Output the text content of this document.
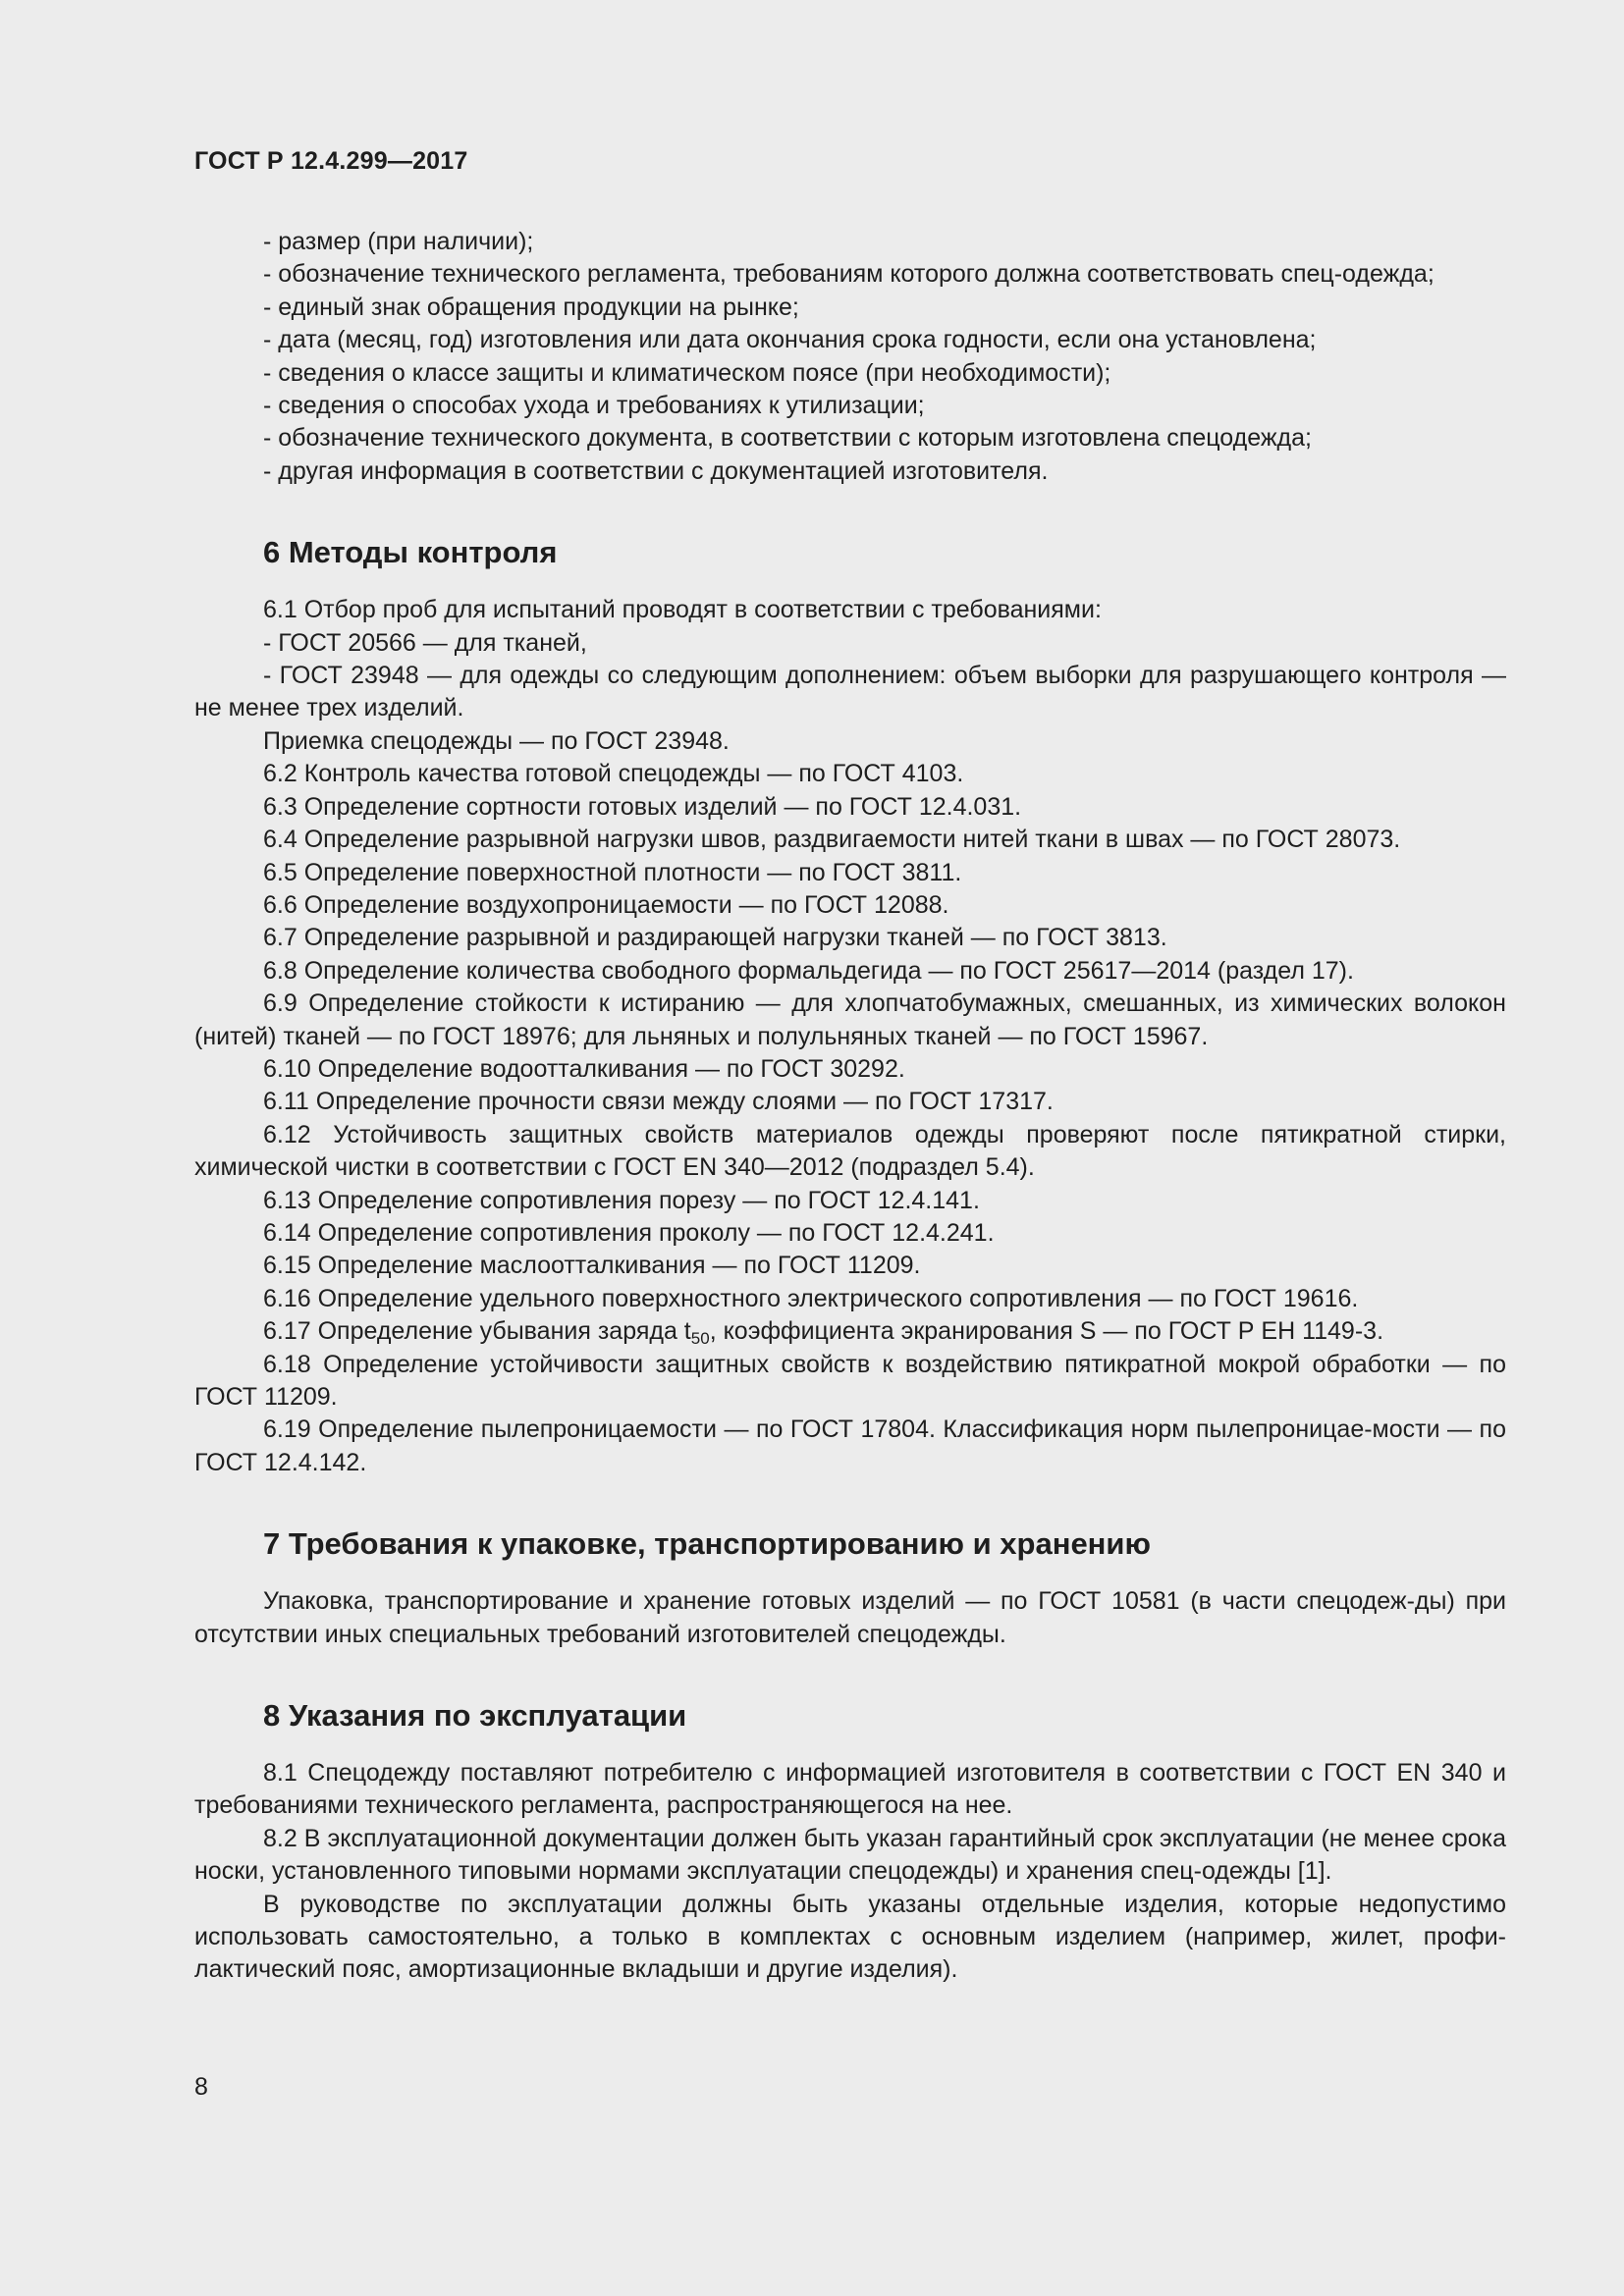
ГОСТ Р 12.4.299—2017

- размер (при наличии);

- обозначение технического регламента, требованиям которого должна соответствовать спец-одежда;

- единый знак обращения продукции на рынке;

- дата (месяц, год) изготовления или дата окончания срока годности, если она установлена;

- сведения о классе защиты и климатическом поясе (при необходимости);

- сведения о способах ухода и требованиях к утилизации;

- обозначение технического документа, в соответствии с которым изготовлена спецодежда;

- другая информация в соответствии с документацией изготовителя.

6 Методы контроля

6.1 Отбор проб для испытаний проводят в соответствии с требованиями:

- ГОСТ 20566 — для тканей,

- ГОСТ 23948 — для одежды со следующим дополнением: объем выборки для разрушающего контроля — не менее трех изделий.

Приемка спецодежды — по ГОСТ 23948.

6.2 Контроль качества готовой спецодежды — по ГОСТ 4103.

6.3 Определение сортности готовых изделий — по ГОСТ 12.4.031.

6.4 Определение разрывной нагрузки швов, раздвигаемости нитей ткани в швах — по ГОСТ 28073.

6.5 Определение поверхностной плотности — по ГОСТ 3811.

6.6 Определение воздухопроницаемости — по ГОСТ 12088.

6.7 Определение разрывной и раздирающей нагрузки тканей — по ГОСТ 3813.

6.8 Определение количества свободного формальдегида — по ГОСТ 25617—2014 (раздел 17).

6.9 Определение стойкости к истиранию — для хлопчатобумажных, смешанных, из химических волокон (нитей) тканей — по ГОСТ 18976; для льняных и полульняных тканей — по ГОСТ 15967.

6.10 Определение водоотталкивания — по ГОСТ 30292.

6.11 Определение прочности связи между слоями — по ГОСТ 17317.

6.12 Устойчивость защитных свойств материалов одежды проверяют после пятикратной стирки, химической чистки в соответствии с ГОСТ EN 340—2012 (подраздел 5.4).

6.13 Определение сопротивления порезу — по ГОСТ 12.4.141.

6.14 Определение сопротивления проколу — по ГОСТ 12.4.241.

6.15 Определение маслоотталкивания — по ГОСТ 11209.

6.16 Определение удельного поверхностного электрического сопротивления — по ГОСТ 19616.

6.17 Определение убывания заряда $t_{50}$, коэффициента экранирования S — по ГОСТ Р ЕН 1149-3.

6.18 Определение устойчивости защитных свойств к воздействию пятикратной мокрой обработки — по ГОСТ 11209.

6.19 Определение пылепроницаемости — по ГОСТ 17804. Классификация норм пылепроницае-мости — по ГОСТ 12.4.142.

7 Требования к упаковке, транспортированию и хранению

Упаковка, транспортирование и хранение готовых изделий — по ГОСТ 10581 (в части спецодеж-ды) при отсутствии иных специальных требований изготовителей спецодежды.

8 Указания по эксплуатации

8.1 Спецодежду поставляют потребителю с информацией изготовителя в соответствии с ГОСТ EN 340 и требованиями технического регламента, распространяющегося на нее.

8.2 В эксплуатационной документации должен быть указан гарантийный срок эксплуатации (не менее срока носки, установленного типовыми нормами эксплуатации спецодежды) и хранения спец-одежды [1].

В руководстве по эксплуатации должны быть указаны отдельные изделия, которые недопустимо использовать самостоятельно, а только в комплектах с основным изделием (например, жилет, профи-лактический пояс, амортизационные вкладыши и другие изделия).

8
